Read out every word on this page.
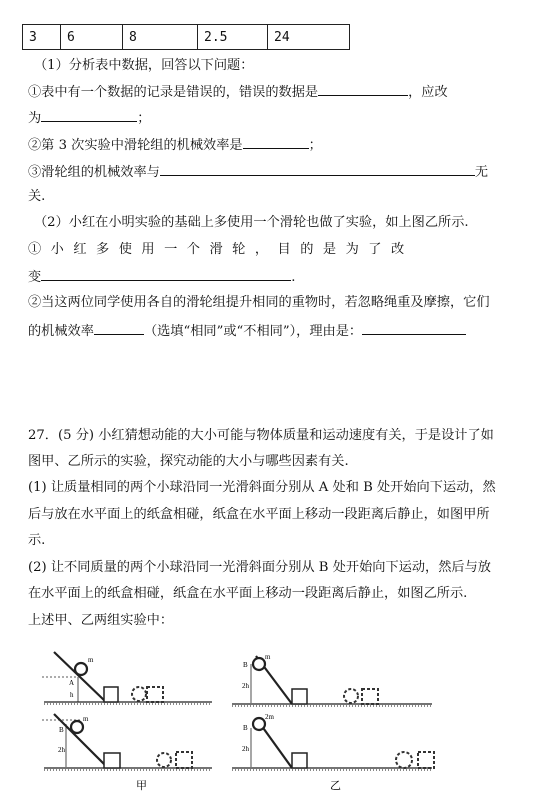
3	6	8	2.5	24
（1）分析表中数据，回答以下问题：
①表中有一个数据的记录是错误的，错误的数据是	，应改
为	；
②第 3 次实验中滑轮组的机械效率是	；
③滑轮组的机械效率与	无
关.
（2）小红在小明实验的基础上多使用一个滑轮也做了实验，如上图乙所示.
①小红多使用一个滑轮，目的是为了改
变	.
②当这两位同学使用各自的滑轮组提升相同的重物时，若忽略绳重及摩擦，它们
的机械效率	（选填“相同”或“不相同”），理由是：
27．(5 分) 小红猜想动能的大小可能与物体质量和运动速度有关，于是设计了如
图甲、乙所示的实验，探究动能的大小与哪些因素有关.
(1) 让质量相同的两个小球沿同一光滑斜面分别从 A 处和 B 处开始向下运动，然
后与放在水平面上的纸盒相碰，纸盒在水平面上移动一段距离后静止，如图甲所
示.
(2) 让不同质量的两个小球沿同一光滑斜面分别从 B 处开始向下运动，然后与放
在水平面上的纸盒相碰，纸盒在水平面上移动一段距离后静止，如图乙所示.
上述甲、乙两组实验中：
m
A
h
m
B
2h
甲
m
B
2h
2m
B
2h
乙
